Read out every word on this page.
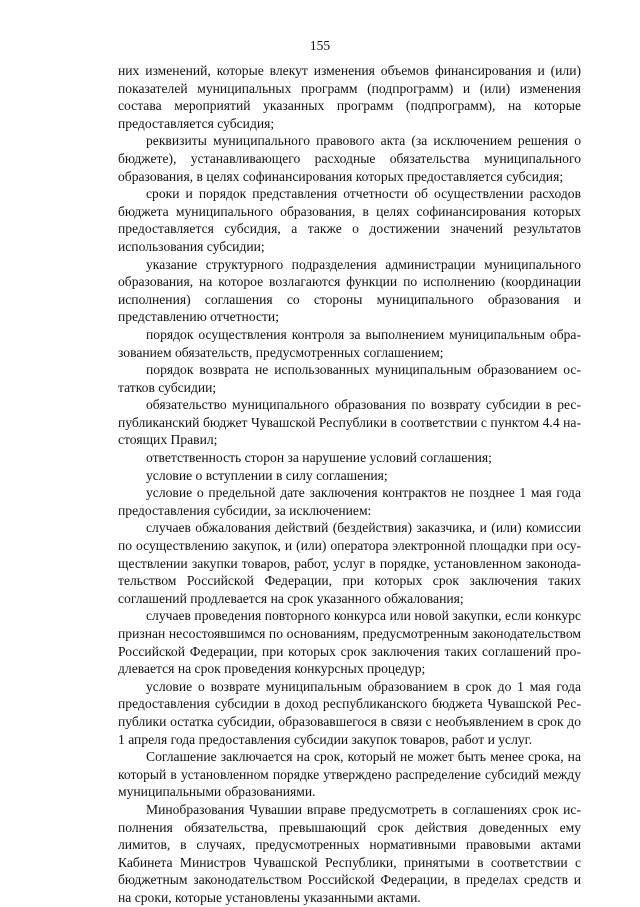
155

них изменений, которые влекут изменения объемов финансирования и (или) показателей муниципальных программ (подпрограмм) и (или) изменения состава мероприятий указанных программ (подпрограмм), на которые предоставляется субсидия;

реквизиты муниципального правового акта (за исключением решения о бюджете), устанавливающего расходные обязательства муниципального образования, в целях софинансирования которых предоставляется субсидия;

сроки и порядок представления отчетности об осуществлении расходов бюджета муниципального образования, в целях софинансирования которых предоставляется субсидия, а также о достижении значений результатов использования субсидии;

указание структурного подразделения администрации муниципального образования, на которое возлагаются функции по исполнению (координации исполнения) соглашения со стороны муниципального образования и представлению отчетности;

порядок осуществления контроля за выполнением муниципальным образованием обязательств, предусмотренных соглашением;

порядок возврата не использованных муниципальным образованием остатков субсидии;

обязательство муниципального образования по возврату субсидии в республиканский бюджет Чувашской Республики в соответствии с пунктом 4.4 настоящих Правил;

ответственность сторон за нарушение условий соглашения;

условие о вступлении в силу соглашения;

условие о предельной дате заключения контрактов не позднее 1 мая года предоставления субсидии, за исключением:

случаев обжалования действий (бездействия) заказчика, и (или) комиссии по осуществлению закупок, и (или) оператора электронной площадки при осуществлении закупки товаров, работ, услуг в порядке, установленном законодательством Российской Федерации, при которых срок заключения таких соглашений продлевается на срок указанного обжалования;

случаев проведения повторного конкурса или новой закупки, если конкурс признан несостоявшимся по основаниям, предусмотренным законодательством Российской Федерации, при которых срок заключения таких соглашений продлевается на срок проведения конкурсных процедур;

условие о возврате муниципальным образованием в срок до 1 мая года предоставления субсидии в доход республиканского бюджета Чувашской Республики остатка субсидии, образовавшегося в связи с необъявлением в срок до 1 апреля года предоставления субсидии закупок товаров, работ и услуг.

Соглашение заключается на срок, который не может быть менее срока, на который в установленном порядке утверждено распределение субсидий между муниципальными образованиями.

Минобразования Чувашии вправе предусмотреть в соглашениях срок исполнения обязательства, превышающий срок действия доведенных ему лимитов, в случаях, предусмотренных нормативными правовыми актами Кабинета Министров Чувашской Республики, принятыми в соответствии с бюджетным законодательством Российской Федерации, в пределах средств и на сроки, которые установлены указанными актами.
